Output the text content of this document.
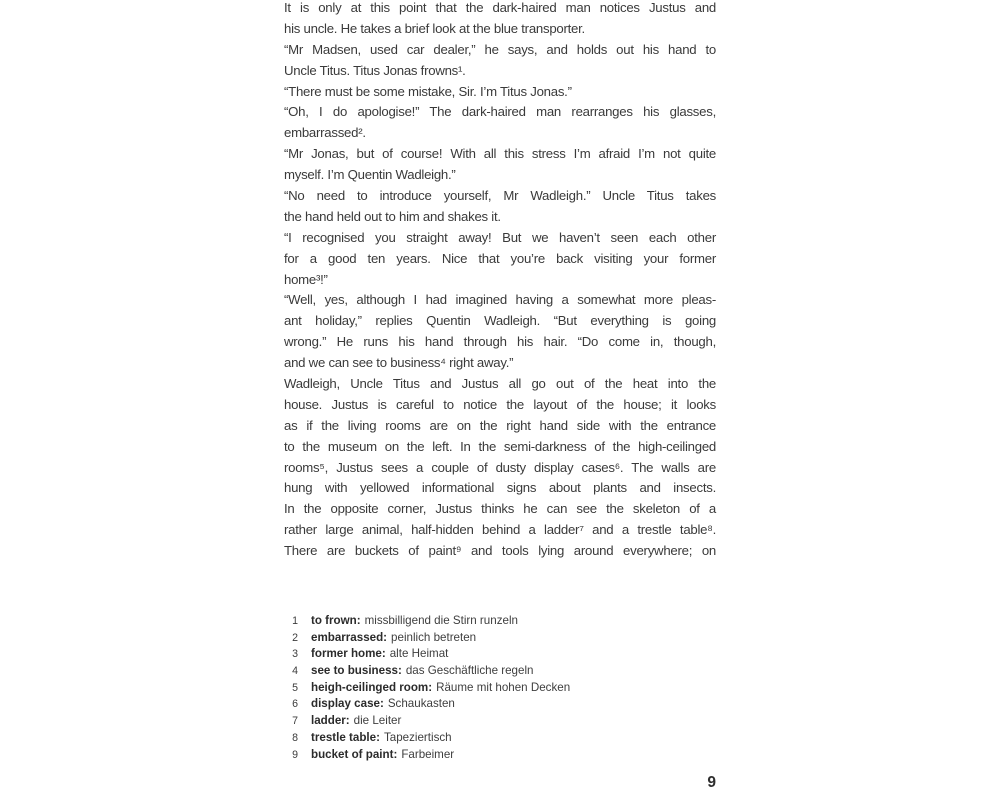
It is only at this point that the dark-haired man notices Justus and
his uncle. He takes a brief look at the blue transporter.
“Mr Madsen, used car dealer,” he says, and holds out his hand to
Uncle Titus. Titus Jonas frowns¹.
“There must be some mistake, Sir. I’m Titus Jonas.”
“Oh, I do apologise!” The dark-haired man rearranges his glasses,
embarrassed².
“Mr Jonas, but of course! With all this stress I’m afraid I’m not quite
myself. I’m Quentin Wadleigh.”
“No need to introduce yourself, Mr Wadleigh.” Uncle Titus takes
the hand held out to him and shakes it.
“I recognised you straight away! But we haven’t seen each other
for a good ten years. Nice that you’re back visiting your former
home³!”
“Well, yes, although I had imagined having a somewhat more pleas-
ant holiday,” replies Quentin Wadleigh. “But everything is going
wrong.” He runs his hand through his hair. “Do come in, though,
and we can see to business⁴ right away.”
Wadleigh, Uncle Titus and Justus all go out of the heat into the
house. Justus is careful to notice the layout of the house; it looks
as if the living rooms are on the right hand side with the entrance
to the museum on the left. In the semi-darkness of the high-ceilinged
rooms⁵, Justus sees a couple of dusty display cases⁶. The walls are
hung with yellowed informational signs about plants and insects.
In the opposite corner, Justus thinks he can see the skeleton of a
rather large animal, half-hidden behind a ladder⁷ and a trestle table⁸.
There are buckets of paint⁹ and tools lying around everywhere; on
1 to frown: missbilligend die Stirn runzeln
2 embarrassed: peinlich betreten
3 former home: alte Heimat
4 see to business: das Geschäftliche regeln
5 heigh-ceilinged room: Räume mit hohen Decken
6 display case: Schaukasten
7 ladder: die Leiter
8 trestle table: Tapeziertisch
9 bucket of paint: Farbeimer
9
